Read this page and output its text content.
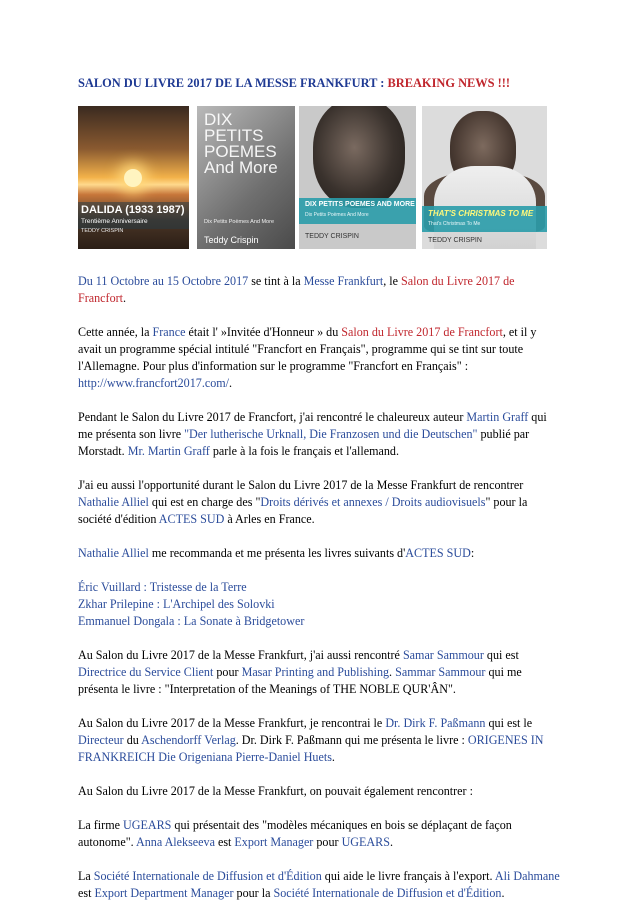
SALON DU LIVRE 2017 DE LA MESSE FRANKFURT : BREAKING NEWS !!!
DALIDA (1933 1987)
Trentième Anniversaire
TEDDY CRISPIN
DIX
PETITS
POEMES
And More
Dix Petits Poèmes And More
Teddy Crispin
DIX PETITS POEMES AND MORE
Dix Petits Poèmes And More
TEDDY CRISPIN
THAT'S CHRISTMAS TO ME
That's Christmas To Me
TEDDY CRISPIN

Du 11 Octobre au 15 Octobre 2017 se tint à la Messe Frankfurt, le Salon du Livre 2017 de Francfort.

Cette année, la France était l' »Invitée d'Honneur » du Salon du Livre 2017 de Francfort, et il y avait un programme spécial intitulé "Francfort en Français", programme qui se tint sur toute l'Allemagne. Pour plus d'information sur le programme "Francfort en Français" : http://www.francfort2017.com/.

Pendant le Salon du Livre 2017 de Francfort, j'ai rencontré le chaleureux auteur Martin Graff qui me présenta son livre "Der lutherische Urknall, Die Franzosen und die Deutschen" publié par Morstadt. Mr. Martin Graff parle à la fois le français et l'allemand.

J'ai eu aussi l'opportunité durant le Salon du Livre 2017 de la Messe Frankfurt de rencontrer Nathalie Alliel qui est en charge des "Droits dérivés et annexes / Droits audiovisuels" pour la société d'édition ACTES SUD à Arles en France.

Nathalie Alliel me recommanda et me présenta les livres suivants d'ACTES SUD:

Éric Vuillard : Tristesse de la Terre
Zkhar Prilepine : L'Archipel des Solovki
Emmanuel Dongala : La Sonate à Bridgetower

Au Salon du Livre 2017 de la Messe Frankfurt, j'ai aussi rencontré Samar Sammour qui est Directrice du Service Client pour Masar Printing and Publishing. Sammar Sammour qui me présenta le livre : "Interpretation of the Meanings of THE NOBLE QUR'ÂN".

Au Salon du Livre 2017 de la Messe Frankfurt, je rencontrai le Dr. Dirk F. Paßmann qui est le Directeur du Aschendorff Verlag. Dr. Dirk F. Paßmann qui me présenta le livre : ORIGENES IN FRANKREICH Die Origeniana Pierre-Daniel Huets.

Au Salon du Livre 2017 de la Messe Frankfurt, on pouvait également rencontrer :

La firme UGEARS qui présentait des "modèles mécaniques en bois se déplaçant de façon autonome". Anna Alekseeva est Export Manager pour UGEARS.

La Société Internationale de Diffusion et d'Édition qui aide le livre français à l'export. Ali Dahmane est Export Department Manager pour la Société Internationale de Diffusion et d'Édition.
